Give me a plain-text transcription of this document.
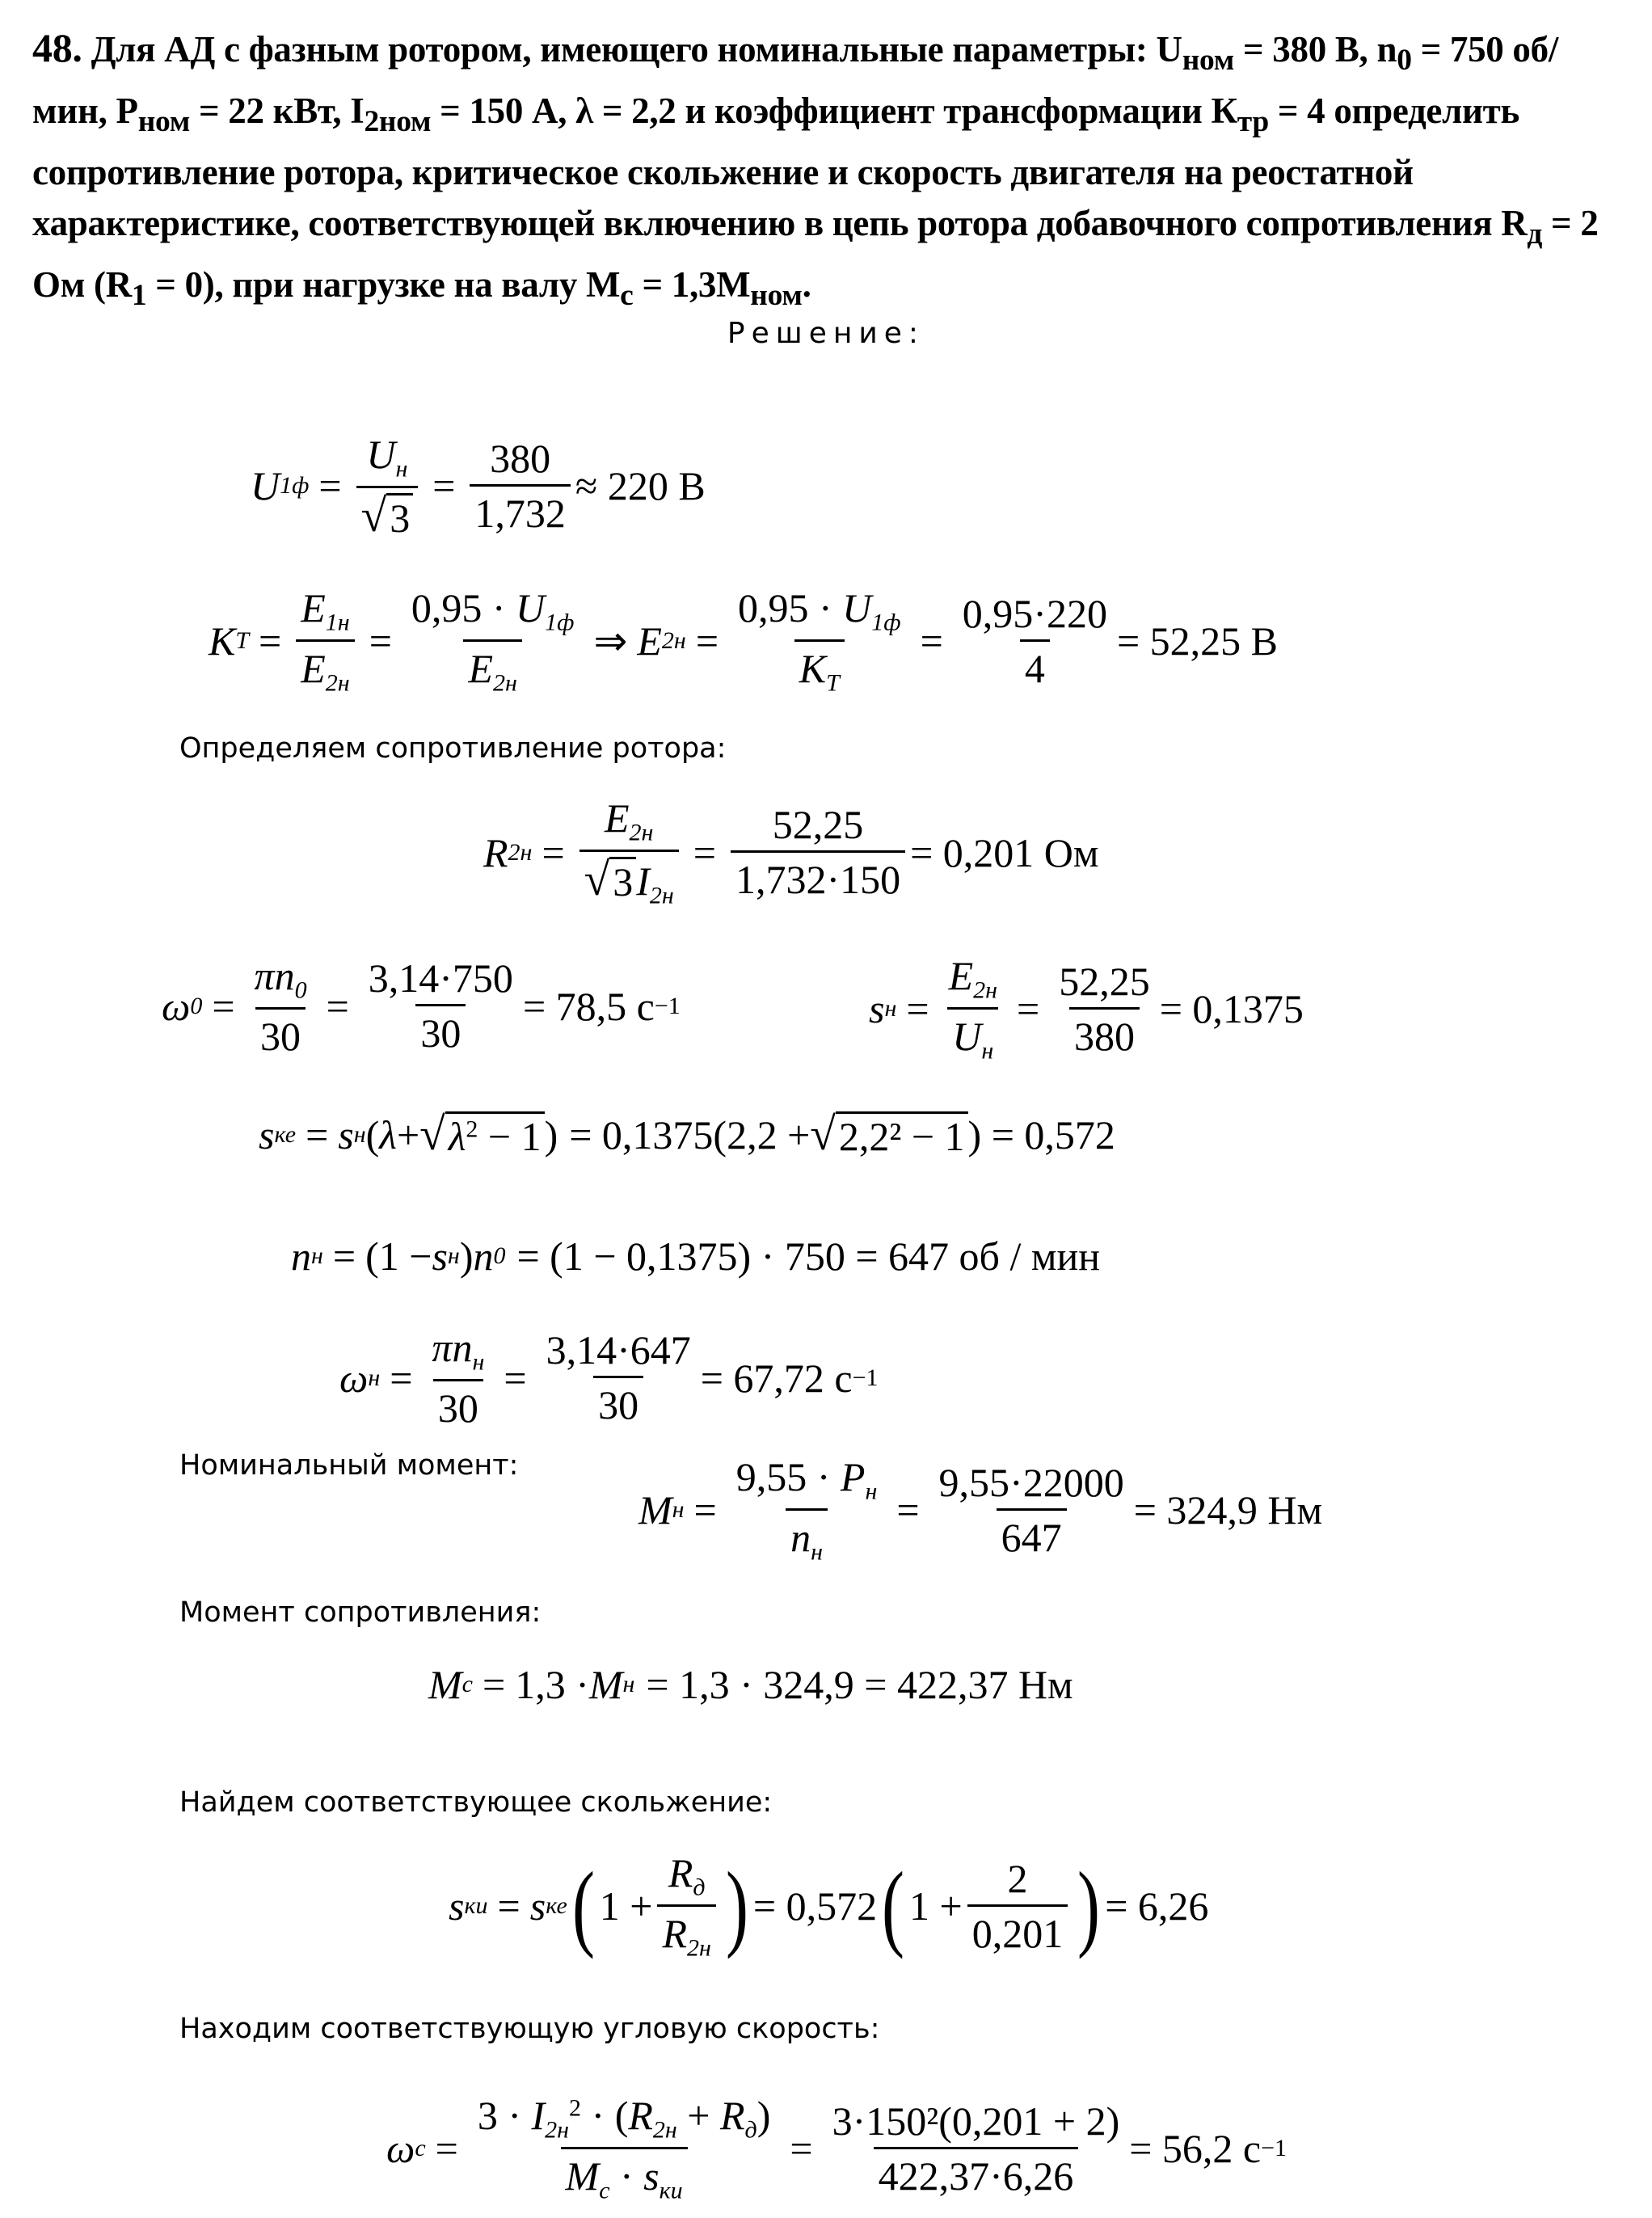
48. Для АД с фазным ротором, имеющего номинальные параметры: $U_{ном} = 380$ В, $n_0 = 750$ об/мин, $P_{ном} = 22$ кВт, $I_{2ном} = 150$ А, λ = 2,2 и коэффициент трансформации $К_{тр} = 4$ определить сопротивление ротора, критическое скольжение и скорость двигателя на реостатной характеристике, соответствующей включению в цепь ротора добавочного сопротивления $R_д = 2$ Ом $(R_1 = 0)$, при нагрузке на валу $M_c = 1,3M_{ном}$.
Решение:
U $1ф = \frac{U_н}{√ 3} = \frac{380}{1,732} \approx 220$ В
K $T = \frac{E_{1н}}{E_{2н}} = \frac{0,95 \cdot U_{1ф}}{E_{2н}}$ ⇒ E $2н = \frac{0,95 \cdot U_{1ф}}{K_T} = \frac{0,95\cdot 220}{4} = 52,25$ В
Определяем сопротивление ротора:
R $2н = \frac{E_{2н}}{√ 3 I_{2н}} = \frac{52,25}{1,732\cdot 150} = 0,201$ Ом
ω $0 = \frac{\pi n_0}{30} = \frac{3,14\cdot 750}{30} = 78,5$ с −1	s $н = \frac{E_{2н}}{U_н} = \frac{52,25}{380} = 0,1375$
s ке = s н ( λ + √ $\lambda^2 - 1$ ) = 0,1375(2,2 + √ 2,2² − 1 ) = 0,572
n н = (1 − s н ) n 0 = (1 − 0,1375) · 750 = 647 об / мин
ω $н = \frac{\pi n_н}{30} = \frac{3,14\cdot 647}{30} = 67,72$ с −1
Номинальный момент:
M $н = \frac{9,55 \cdot P_н}{n_н} = \frac{9,55\cdot 22000}{647} = 324,9$ Нм
Момент сопротивления:
M c = 1,3 · M н = 1,3 · 324,9 = 422,37 Нм
Найдем соответствующее скольжение:
s ки = s ке ( $1 + \frac{R_д}{R_{2н}}$ ) = 0,572 ( $1 + \frac{2}{0,201}$ ) = 6,26
Находим соответствующую угловую скорость:
ω $c = \frac{3 \cdot I_{2н}^2 \cdot (R_{2н} + R_д)}{M_c \cdot s_{ки}} = \frac{\text{3·150²(0,201 + 2)}}{422,37\cdot 6,26} = 56,2$ с −1
